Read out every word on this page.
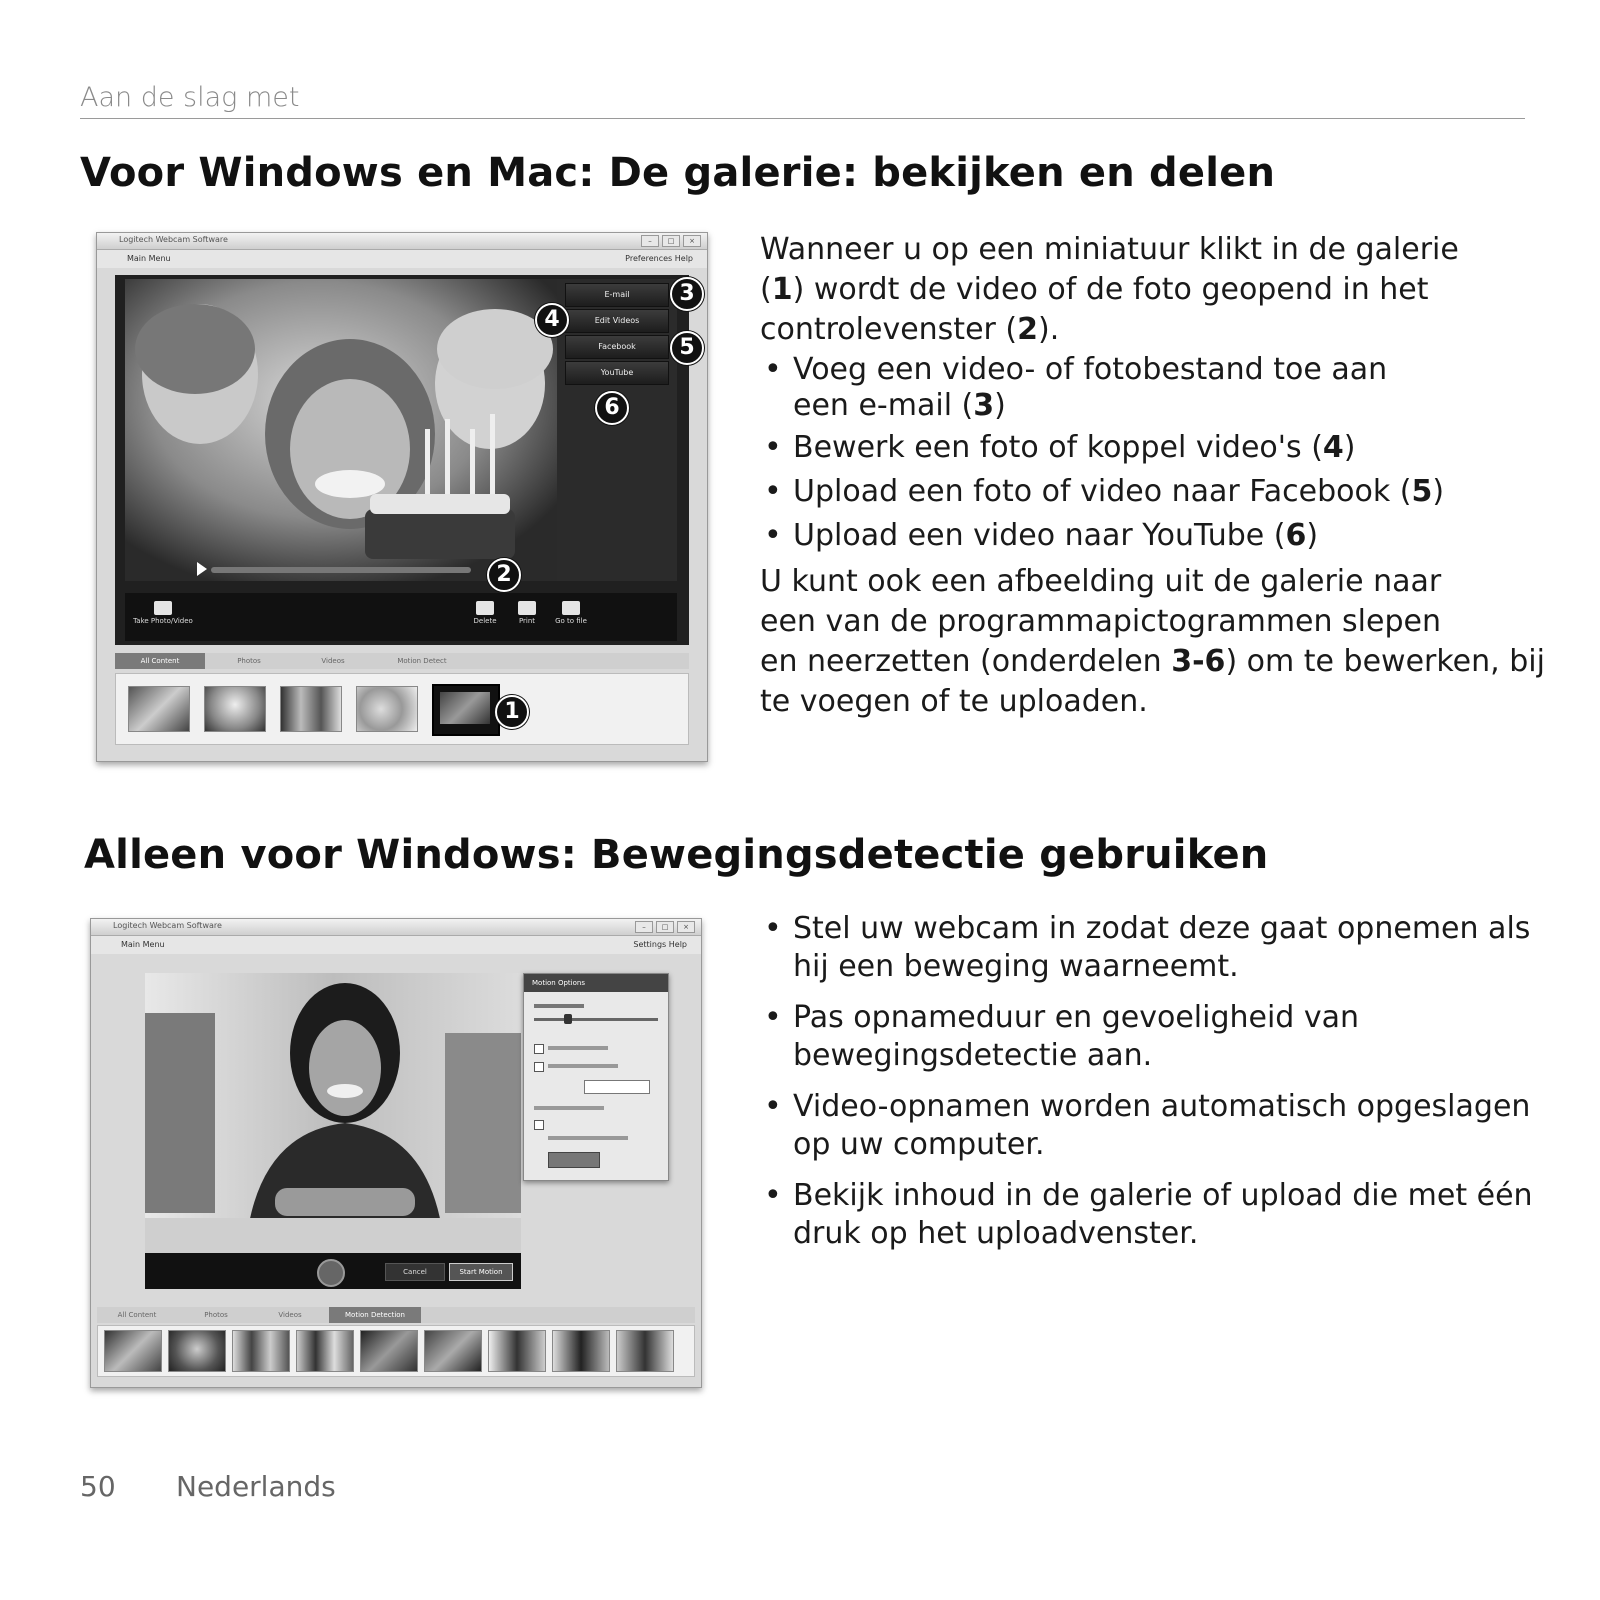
Aan de slag met
Voor Windows en Mac: De galerie: bekijken en delen
Logitech Webcam Software	–	□	×
Main Menu	Preferences Help
E-mail
Edit Videos
Facebook
YouTube
Take Photo/Video	Delete	Print	Go to file
All Content	Photos	Videos	Motion Detect
1
2
3
4
5
6

Wanneer u op een miniatuur klikt in de galerie

(1) wordt de video of de foto geopend in het

controlevenster (2).

• Voeg een video- of fotobestand toe aan
een e-mail (3)
• Bewerk een foto of koppel video's (4)
• Upload een foto of video naar Facebook (5)
• Upload een video naar YouTube (6)

U kunt ook een afbeelding uit de galerie naar

een van de programmapictogrammen slepen

en neerzetten (onderdelen 3-6) om te bewerken, bij

te voegen of te uploaden.

Alleen voor Windows: Bewegingsdetectie gebruiken
Logitech Webcam Software	–	□	×
Main Menu	Settings Help
Cancel	Start Motion
Motion Options
All Content	Photos	Videos	Motion Detection
• Stel uw webcam in zodat deze gaat opnemen als
hij een beweging waarneemt.
• Pas opnameduur en gevoeligheid van
bewegingsdetectie aan.
• Video-opnamen worden automatisch opgeslagen
op uw computer.
• Bekijk inhoud in de galerie of upload die met één
druk op het uploadvenster.
50 Nederlands
